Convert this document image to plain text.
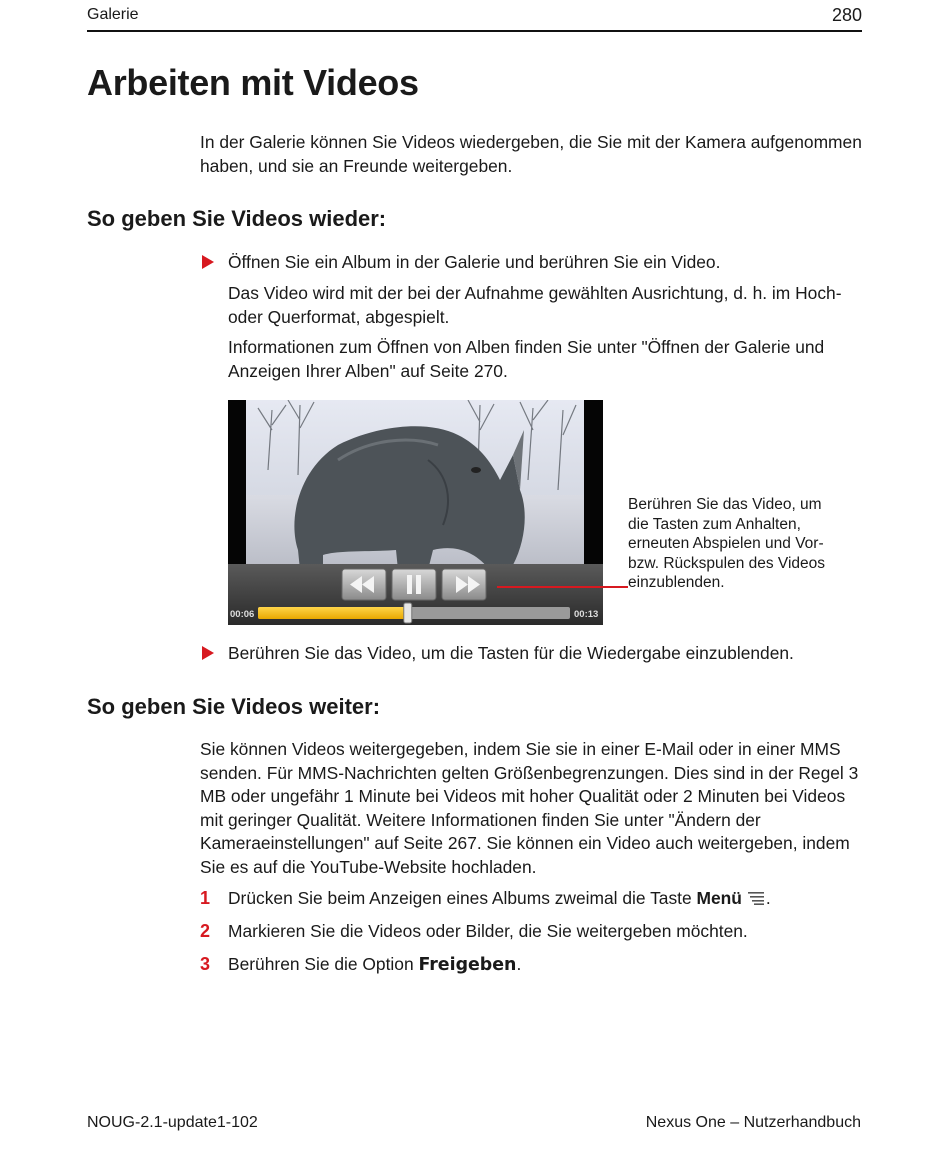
Galerie	280
Arbeiten mit Videos

In der Galerie können Sie Videos wiedergeben, die Sie mit der Kamera aufgenommen haben, und sie an Freunde weitergeben.

So geben Sie Videos wieder:

Öffnen Sie ein Album in der Galerie und berühren Sie ein Video.

Das Video wird mit der bei der Aufnahme gewählten Ausrichtung, d. h. im Hoch- oder Querformat, abgespielt.

Informationen zum Öffnen von Alben finden Sie unter "Öffnen der Galerie und Anzeigen Ihrer Alben" auf Seite 270.

00:06	00:13
Berühren Sie das Video, um die Tasten zum Anhalten, erneuten Abspielen und Vor- bzw. Rückspulen des Videos einzublenden.

Berühren Sie das Video, um die Tasten für die Wiedergabe einzublenden.

So geben Sie Videos weiter:

Sie können Videos weitergegeben, indem Sie sie in einer E-Mail oder in einer MMS senden. Für MMS-Nachrichten gelten Größenbegrenzungen. Dies sind in der Regel 3 MB oder ungefähr 1 Minute bei Videos mit hoher Qualität oder 2 Minuten bei Videos mit geringer Qualität. Weitere Informationen finden Sie unter "Ändern der Kameraeinstellungen" auf Seite 267. Sie können ein Video auch weitergeben, indem Sie es auf die YouTube-Website hochladen.

1 Drücken Sie beim Anzeigen eines Albums zweimal die Taste Menü .
2 Markieren Sie die Videos oder Bilder, die Sie weitergeben möchten.
3 Berühren Sie die Option Freigeben.
NOUG-2.1-update1-102	Nexus One – Nutzerhandbuch
